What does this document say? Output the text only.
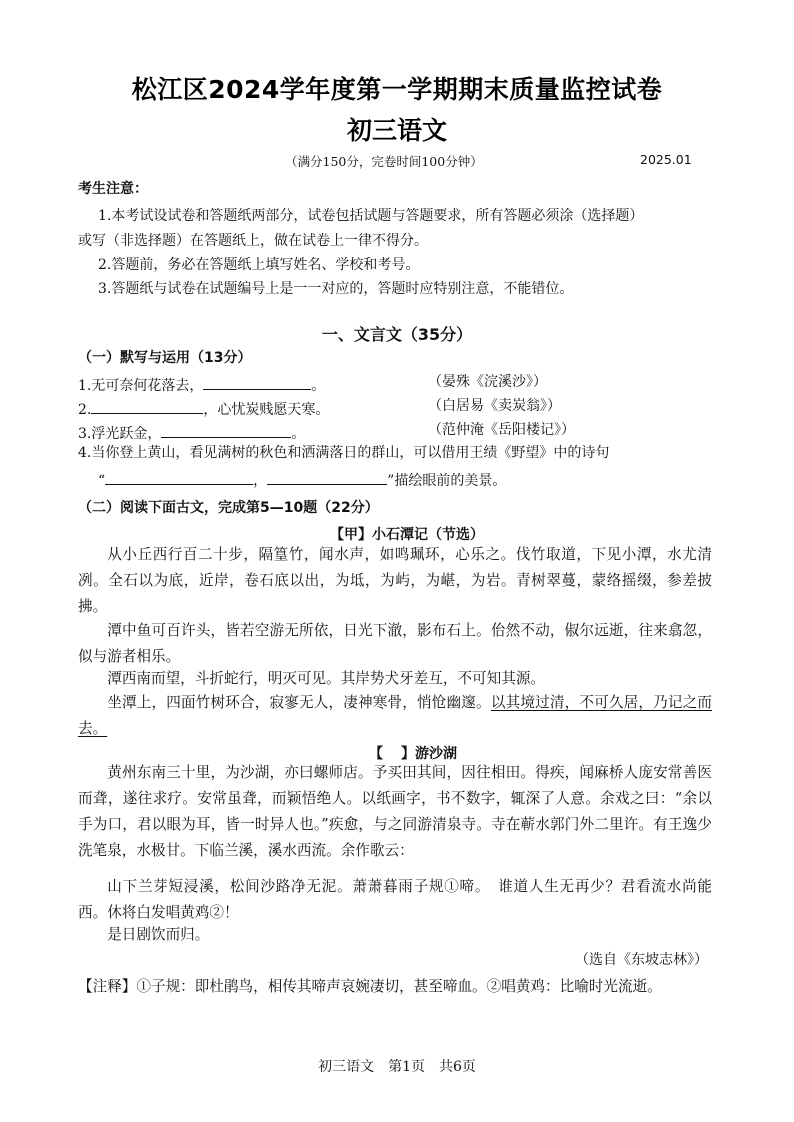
松江区2024学年度第一学期期末质量监控试卷
初三语文
（满分150分，完卷时间100分钟）	2025.01
考生注意：
1.本考试设试卷和答题纸两部分，试卷包括试题与答题要求，所有答题必须涂（选择题）
或写（非选择题）在答题纸上，做在试卷上一律不得分。
2.答题前，务必在答题纸上填写姓名、学校和考号。
3.答题纸与试卷在试题编号上是一一对应的，答题时应特别注意，不能错位。
一、文言文（35分）
（一）默写与运用（13分）
1.无可奈何花落去，	。	（晏殊《浣溪沙》）
2.	，心忧炭贱愿天寒。	（白居易《卖炭翁》）
3.浮光跃金，	。	（范仲淹《岳阳楼记》）
4.当你登上黄山，看见满树的秋色和洒满落日的群山，可以借用王绩《野望》中的诗句
“	，	”描绘眼前的美景。
（二）阅读下面古文，完成第5—10题（22分）
【甲】小石潭记（节选）
从小丘西行百二十步，隔篁竹，闻水声，如鸣珮环，心乐之。伐竹取道，下见小潭，水尤清冽。全石以为底，近岸，卷石底以出，为坻，为屿，为嵁，为岩。青树翠蔓，蒙络摇缀，参差披拂。
潭中鱼可百许头，皆若空游无所依，日光下澈，影布石上。佁然不动，俶尔远逝，往来翕忽，似与游者相乐。
潭西南而望，斗折蛇行，明灭可见。其岸势犬牙差互，不可知其源。
坐潭上，四面竹树环合，寂寥无人，凄神寒骨，悄怆幽邃。以其境过清，不可久居，乃记之而去。
【 】游沙湖
黄州东南三十里，为沙湖，亦曰螺师店。予买田其间，因往相田。得疾，闻麻桥人庞安常善医而聋，遂往求疗。安常虽聋，而颖悟绝人。以纸画字，书不数字，辄深了人意。余戏之曰：“余以手为口，君以眼为耳，皆一时异人也。”疾愈，与之同游清泉寺。寺在蕲水郭门外二里许。有王逸少洗笔泉，水极甘。下临兰溪，溪水西流。余作歌云：
山下兰芽短浸溪，松间沙路净无泥。萧萧暮雨子规①啼。　谁道人生无再少？君看流水尚能西。休将白发唱黄鸡②！
是日剧饮而归。
（选自《东坡志林》）
【注释】①子规：即杜鹃鸟，相传其啼声哀婉凄切，甚至啼血。②唱黄鸡：比喻时光流逝。
初三语文　第1页　共6页
